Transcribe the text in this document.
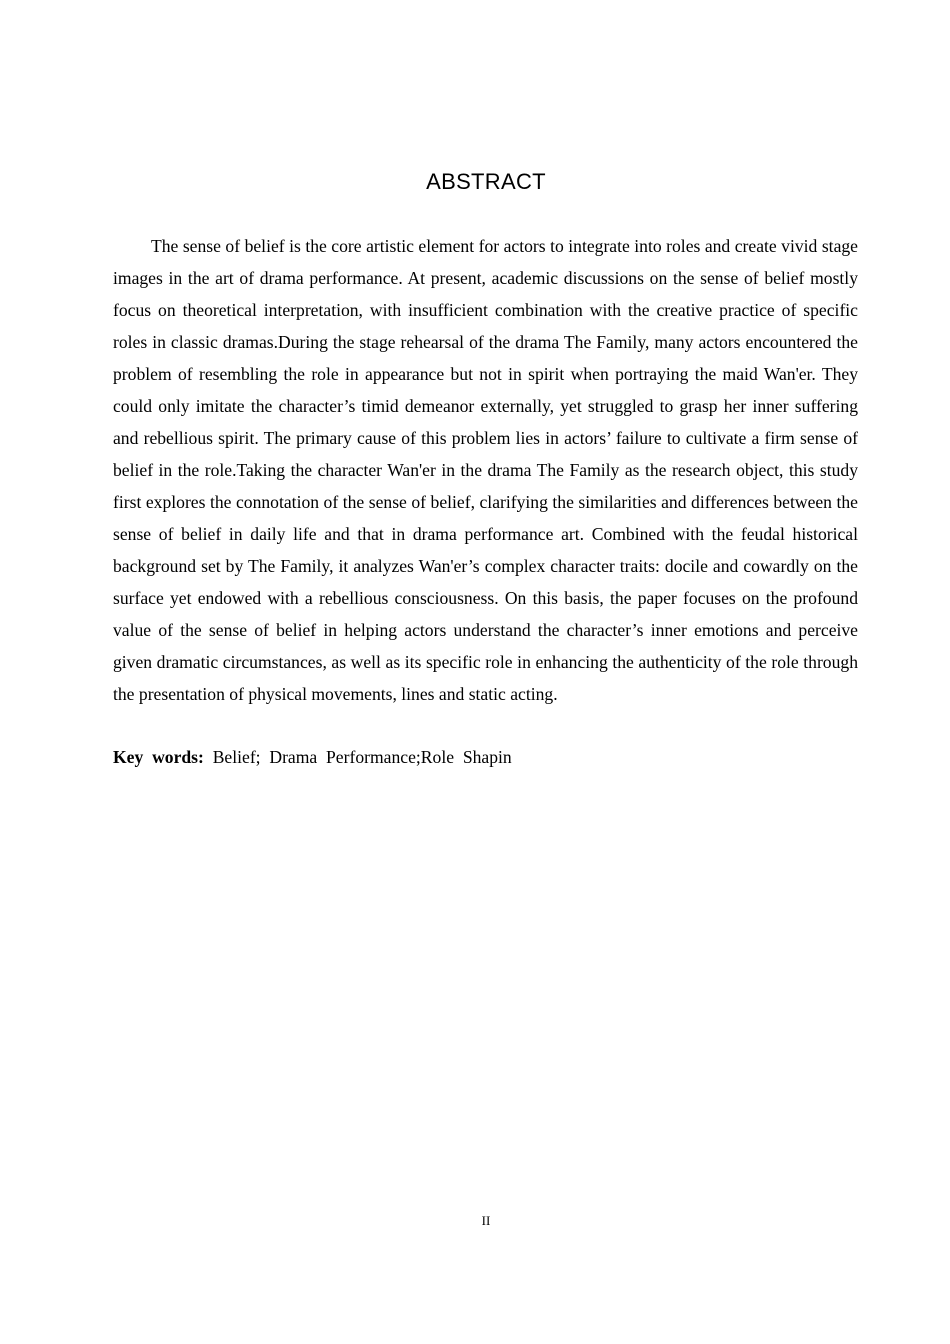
ABSTRACT

The sense of belief is the core artistic element for actors to integrate into roles and create vivid stage images in the art of drama performance. At present, academic discussions on the sense of belief mostly focus on theoretical interpretation, with insufficient combination with the creative practice of specific roles in classic dramas.During the stage rehearsal of the drama The Family, many actors encountered the problem of resembling the role in appearance but not in spirit when portraying the maid Wan'er. They could only imitate the character’s timid demeanor externally, yet struggled to grasp her inner suffering and rebellious spirit. The primary cause of this problem lies in actors’ failure to cultivate a firm sense of belief in the role.Taking the character Wan'er in the drama The Family as the research object, this study first explores the connotation of the sense of belief, clarifying the similarities and differences between the sense of belief in daily life and that in drama performance art. Combined with the feudal historical background set by The Family, it analyzes Wan'er’s complex character traits: docile and cowardly on the surface yet endowed with a rebellious consciousness. On this basis, the paper focuses on the profound value of the sense of belief in helping actors understand the character’s inner emotions and perceive given dramatic circumstances, as well as its specific role in enhancing the authenticity of the role through the presentation of physical movements, lines and static acting.

Key  words:  Belief;  Drama  Performance;Role  Shapin
II
